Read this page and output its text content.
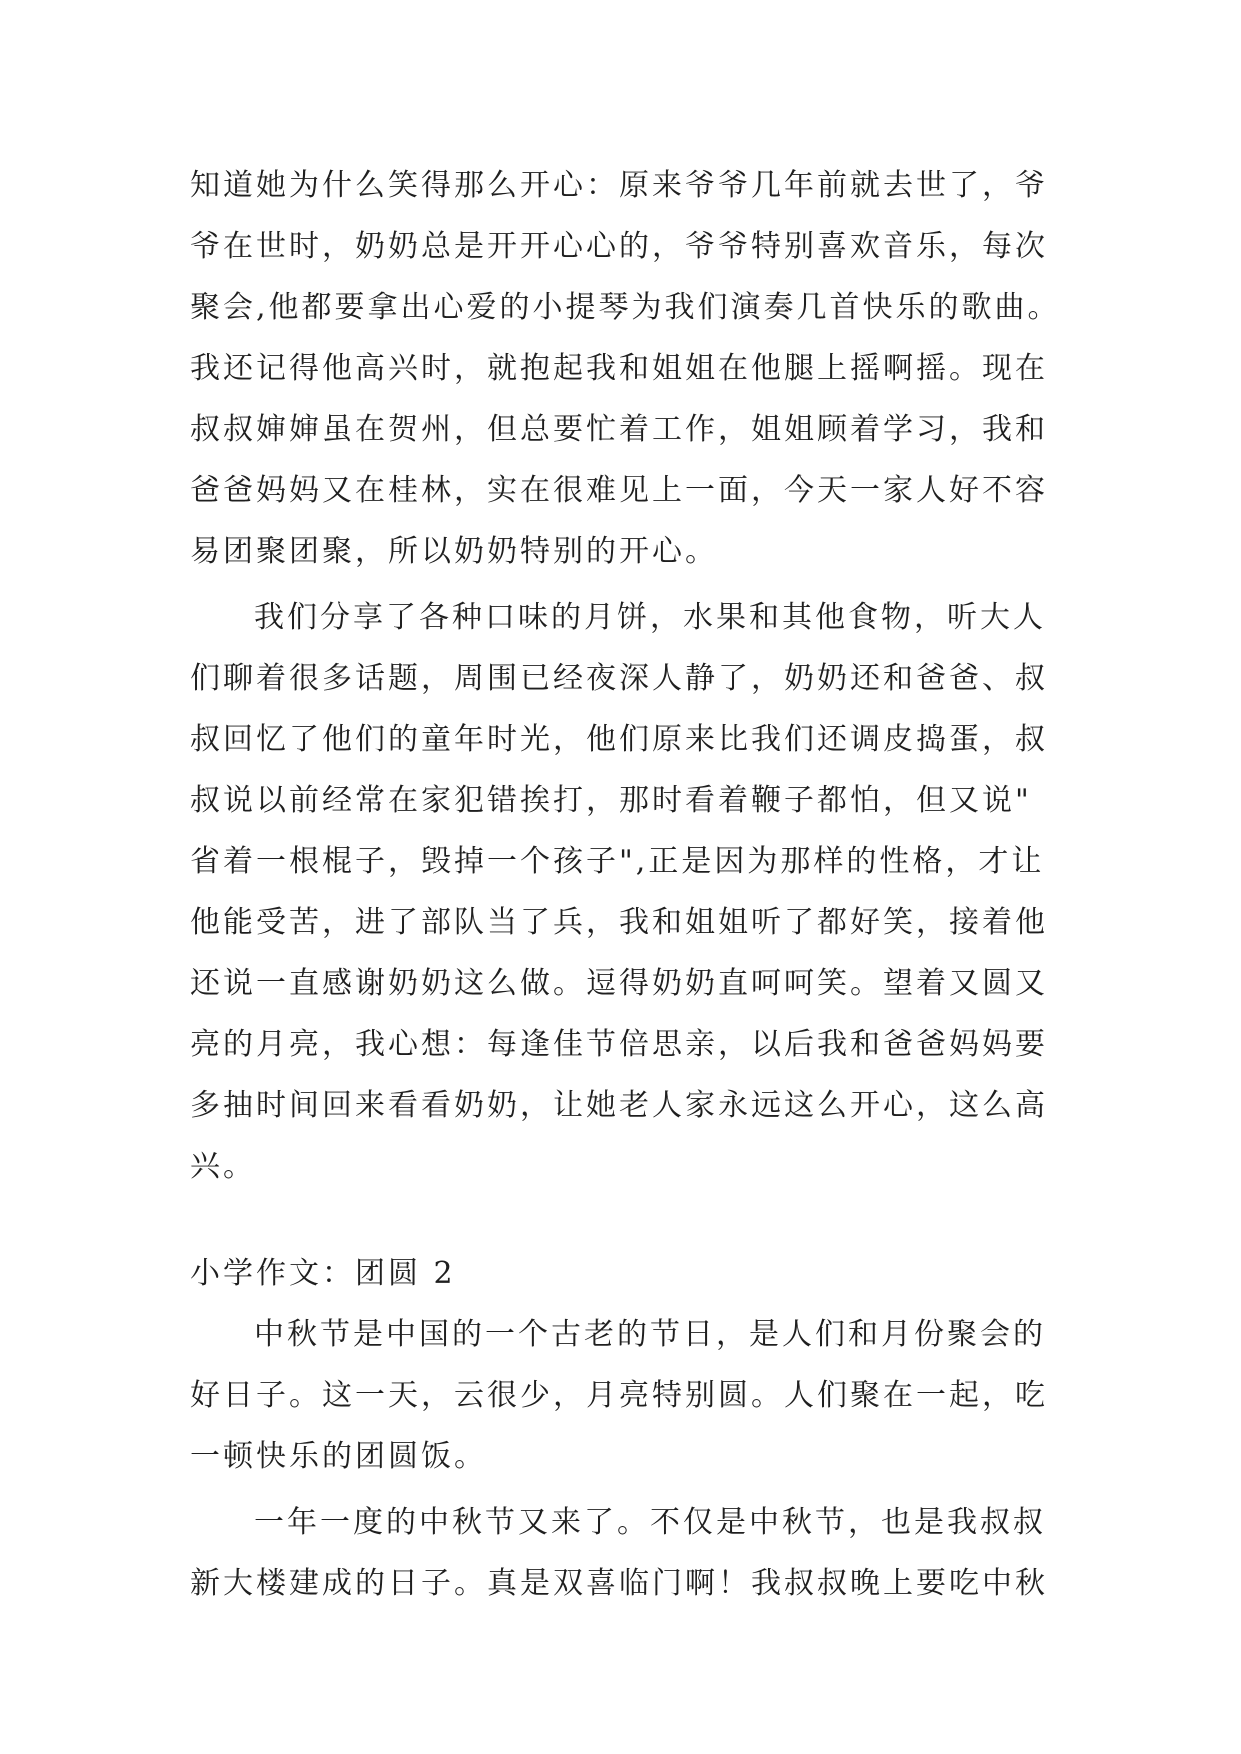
知道她为什么笑得那么开心：原来爷爷几年前就去世了，爷
爷在世时，奶奶总是开开心心的，爷爷特别喜欢音乐，每次
聚会,他都要拿出心爱的小提琴为我们演奏几首快乐的歌曲。
我还记得他高兴时，就抱起我和姐姐在他腿上摇啊摇。现在
叔叔婶婶虽在贺州，但总要忙着工作，姐姐顾着学习，我和
爸爸妈妈又在桂林，实在很难见上一面，今天一家人好不容
易团聚团聚，所以奶奶特别的开心。
我们分享了各种口味的月饼，水果和其他食物，听大人
们聊着很多话题，周围已经夜深人静了，奶奶还和爸爸、叔
叔回忆了他们的童年时光，他们原来比我们还调皮捣蛋，叔
叔说以前经常在家犯错挨打，那时看着鞭子都怕，但又说"
省着一根棍子，毁掉一个孩子",正是因为那样的性格，才让
他能受苦，进了部队当了兵，我和姐姐听了都好笑，接着他
还说一直感谢奶奶这么做。逗得奶奶直呵呵笑。望着又圆又
亮的月亮，我心想：每逢佳节倍思亲，以后我和爸爸妈妈要
多抽时间回来看看奶奶，让她老人家永远这么开心，这么高
兴。
小学作文：团圆 2
中秋节是中国的一个古老的节日，是人们和月份聚会的
好日子。这一天，云很少，月亮特别圆。人们聚在一起，吃
一顿快乐的团圆饭。
一年一度的中秋节又来了。不仅是中秋节，也是我叔叔
新大楼建成的日子。真是双喜临门啊！我叔叔晚上要吃中秋
